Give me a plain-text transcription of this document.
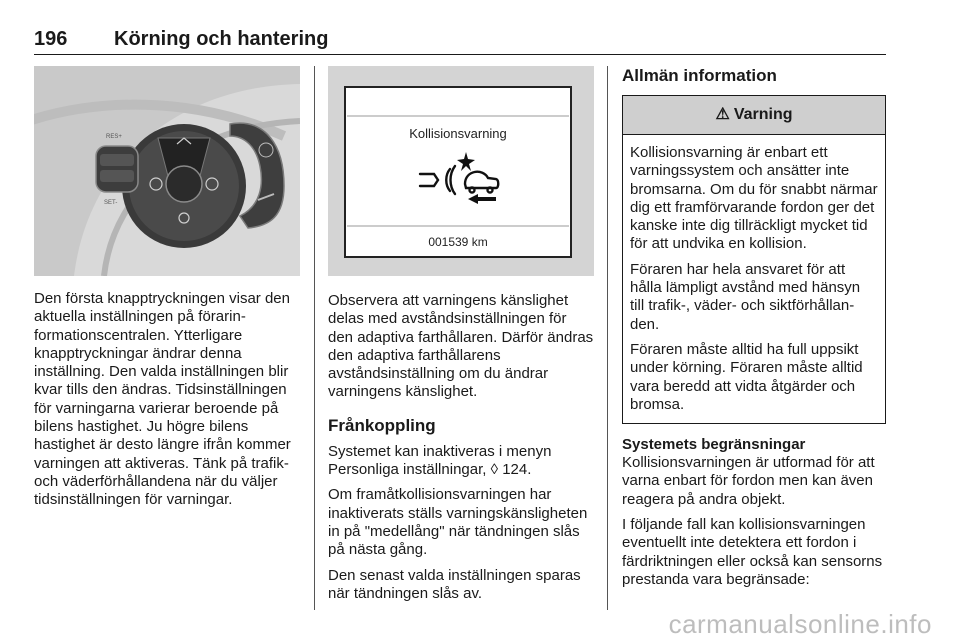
196 Körning och hantering
RES+
SET-
Kollisionsvarning
001539 km

Den första knapptryckningen visar den aktuella inställningen på förarinformationscentralen. Ytterligare knapptryckningar ändrar denna inställning. Den valda inställningen blir kvar tills den ändras. Tidsinställningen för varningarna varierar beroende på bilens hastighet. Ju högre bilens hastighet är desto längre ifrån kommer varningen att aktiveras. Tänk på trafik- och väderförhållandena när du väljer tidsinställningen för varningar.

Observera att varningens känslighet delas med avståndsinställningen för den adaptiva farthållaren. Därför ändras den adaptiva farthållarens avståndsinställning om du ändrar varningens känslighet.

Frånkoppling

Systemet kan inaktiveras i menyn Personliga inställningar, ◊ 124.

Om framåtkollisionsvarningen har inaktiverats ställs varningskänsligheten in på "medellång" när tändningen slås på nästa gång.

Den senast valda inställningen sparas när tändningen slås av.

Allmän information
⚠ Varning

Kollisionsvarning är enbart ett varningssystem och ansätter inte bromsarna. Om du för snabbt närmar dig ett framförvarande fordon ger det kanske inte dig tillräckligt mycket tid för att undvika en kollision.

Föraren har hela ansvaret för att hålla lämpligt avstånd med hänsyn till trafik-, väder- och siktförhållanden.

Föraren måste alltid ha full uppsikt under körning. Föraren måste alltid vara beredd att vidta åtgärder och bromsa.

Systemets begränsningar

Kollisionsvarningen är utformad för att varna enbart för fordon men kan även reagera på andra objekt.

I följande fall kan kollisionsvarningen eventuellt inte detektera ett fordon i färdriktningen eller också kan sensorns prestanda vara begränsade:

carmanualsonline.info
